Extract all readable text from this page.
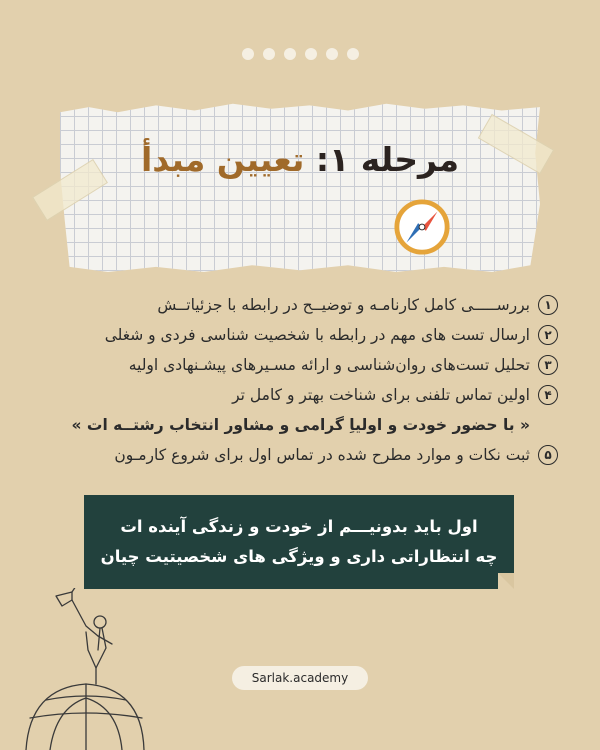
مرحله ۱: تعیین مبدأ
۱
بررســـــی کامل کارنامـه و توضیــح در رابطه با جزئیاتــش
۲
ارسال تست های مهم در رابطه با شخصیت شناسی فردی و شغلی
۳
تحلیل تست‌های روان‌شناسی و ارائه مسـیر‌های پیشـنهادی اولیه
۴
اولین تماس تلفنی برای شناخت بهتر و کامل تر
« با حضور خودت و اولیاِ گرامی و مشاور انتخاب رشتــه ات »
۵
ثبت نکات و موارد مطرح شده در تماس اول برای شروع کارمـون
اول باید بدونیـــم از خودت و زندگی آینده ات
چه انتظاراتی داری و ویژگی های شخصیتیت چیان
Sarlak.academy
